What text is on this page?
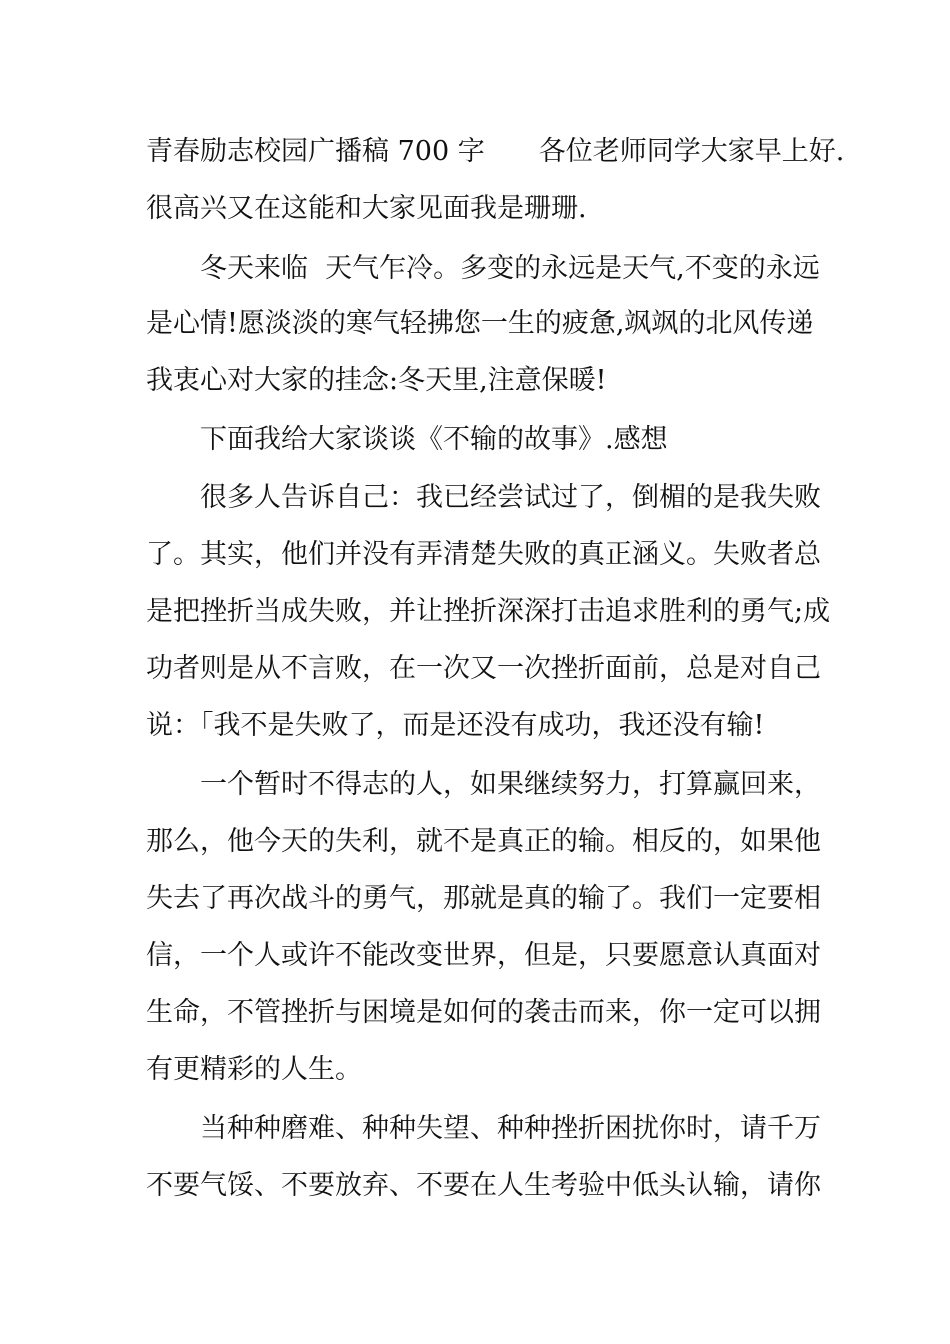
青春励志校园广播稿 700 字　　各位老师同学大家早上好.

很高兴又在这能和大家见面我是珊珊.

　　冬天来临  天气乍冷。多变的永远是天气,不变的永远

是心情!愿淡淡的寒气轻拂您一生的疲惫,飒飒的北风传递

我衷心对大家的挂念:冬天里,注意保暖!

　　下面我给大家谈谈《不输的故事》.感想

　　很多人告诉自己：我已经尝试过了，倒楣的是我失败

了。其实，他们并没有弄清楚失败的真正涵义。失败者总

是把挫折当成失败，并让挫折深深打击追求胜利的勇气;成

功者则是从不言败，在一次又一次挫折面前，总是对自己

说：「我不是失败了，而是还没有成功，我还没有输!

　　一个暂时不得志的人，如果继续努力，打算赢回来，

那么，他今天的失利，就不是真正的输。相反的，如果他

失去了再次战斗的勇气，那就是真的输了。我们一定要相

信，一个人或许不能改变世界，但是，只要愿意认真面对

生命，不管挫折与困境是如何的袭击而来，你一定可以拥

有更精彩的人生。

　　当种种磨难、种种失望、种种挫折困扰你时，请千万

不要气馁、不要放弃、不要在人生考验中低头认输，请你
